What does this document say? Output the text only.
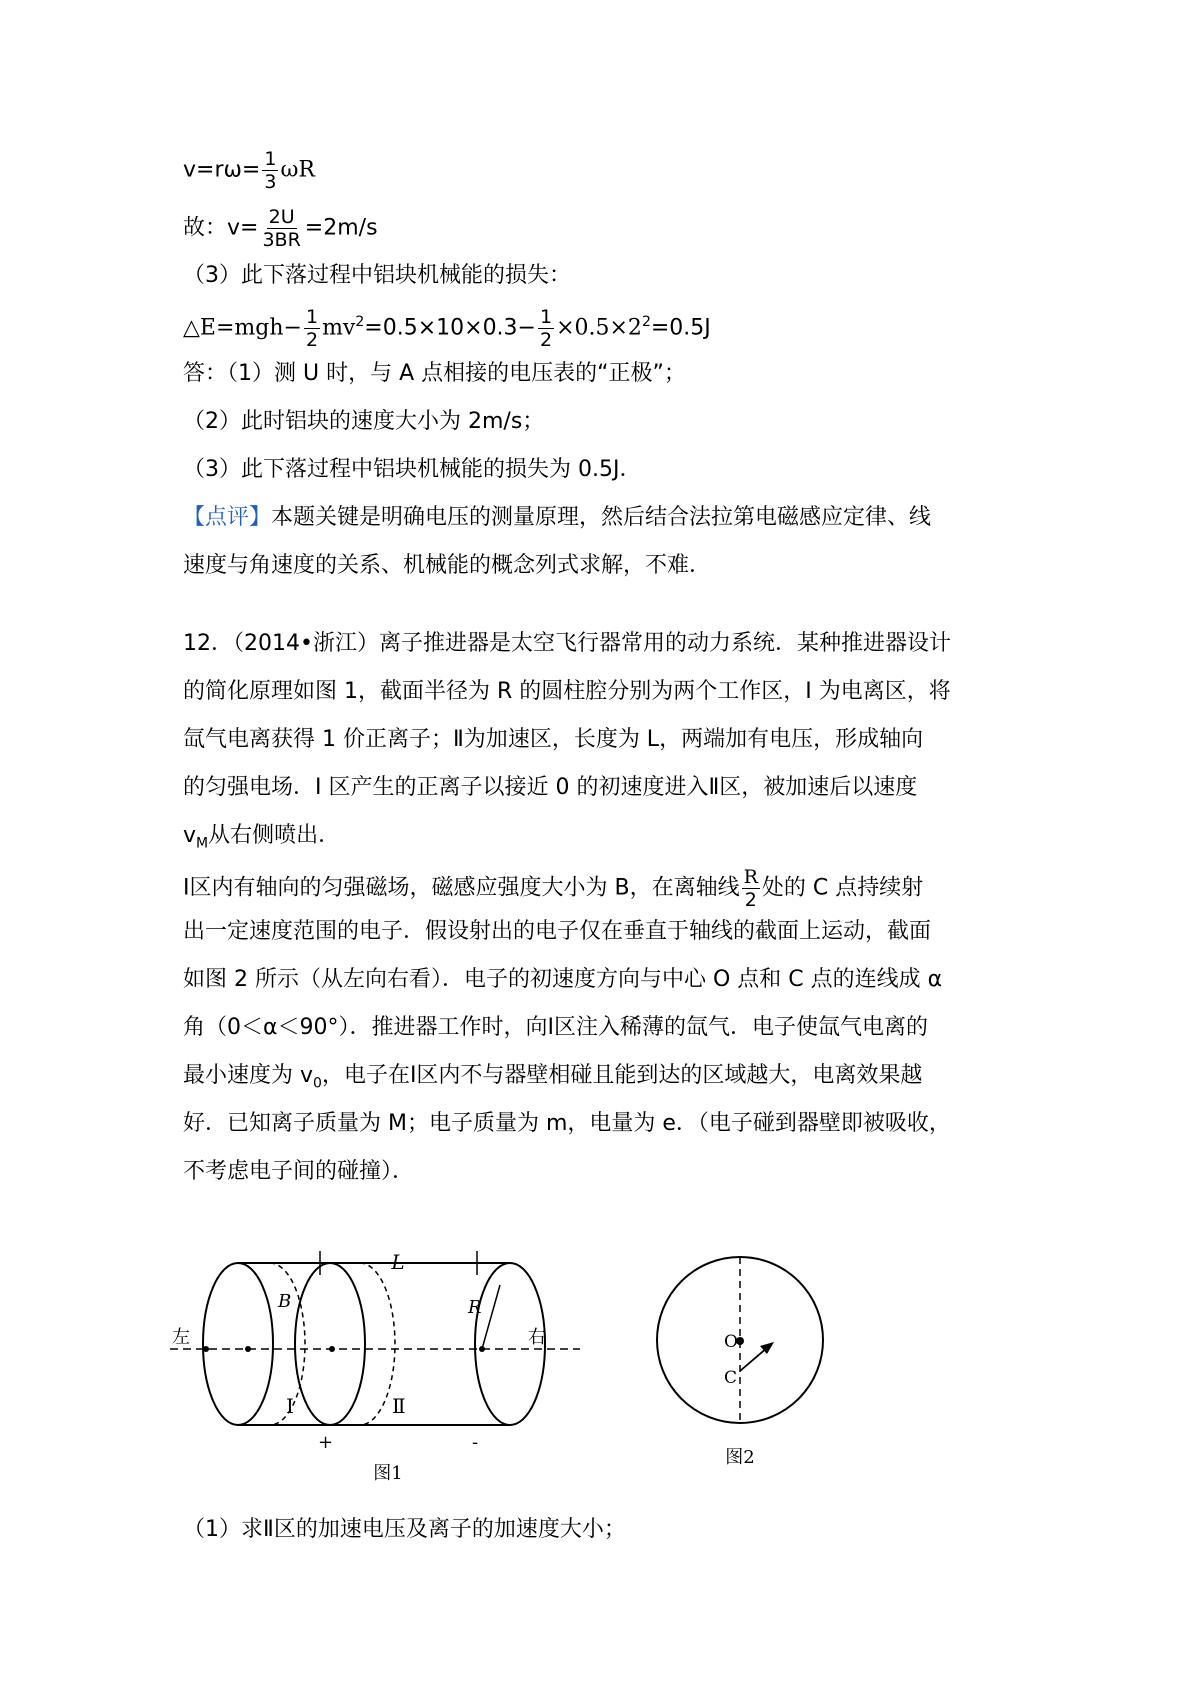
$v=r\omega= \frac{1}{3}$ ωR
故：$v= \frac{2U}{3BR} =2m/s$
（3）此下落过程中铝块机械能的损失：
△E=mgh− $\frac{1}{2} mv^2=0.5\times 10\times 0.3- \frac{1}{2} \times 0.5\times 2^2=0.5J$
答：（1）测 U 时，与 A 点相接的电压表的“正极”；
（2）此时铝块的速度大小为 2m/s；
（3）此下落过程中铝块机械能的损失为 0.5J．
【点评】本题关键是明确电压的测量原理，然后结合法拉第电磁感应定律、线
速度与角速度的关系、机械能的概念列式求解，不难．
12．（2014•浙江）离子推进器是太空飞行器常用的动力系统．某种推进器设计
的简化原理如图 1，截面半径为 R 的圆柱腔分别为两个工作区，I 为电离区，将
氙气电离获得 1 价正离子；Ⅱ为加速区，长度为 L，两端加有电压，形成轴向
的匀强电场．I 区产生的正离子以接近 0 的初速度进入Ⅱ区，被加速后以速度
$v_M$从右侧喷出．
Ⅰ区内有轴向的匀强磁场，磁感应强度大小为 B，在离轴线 $\frac{R}{2}$ 处的 C 点持续射
出一定速度范围的电子．假设射出的电子仅在垂直于轴线的截面上运动，截面
如图 2 所示（从左向右看）．电子的初速度方向与中心 O 点和 C 点的连线成 α
角（0＜α＜90°）．推进器工作时，向Ⅰ区注入稀薄的氙气．电子使氙气电离的
最小速度为 $v_0$，电子在Ⅰ区内不与器壁相碰且能到达的区域越大，电离效果越
好．已知离子质量为 M；电子质量为 m，电量为 e．（电子碰到器壁即被吸收，
不考虑电子间的碰撞）．
L
B	R
左	右
I	Ⅱ
+	-
图1
O
C
图2
（1）求Ⅱ区的加速电压及离子的加速度大小；
